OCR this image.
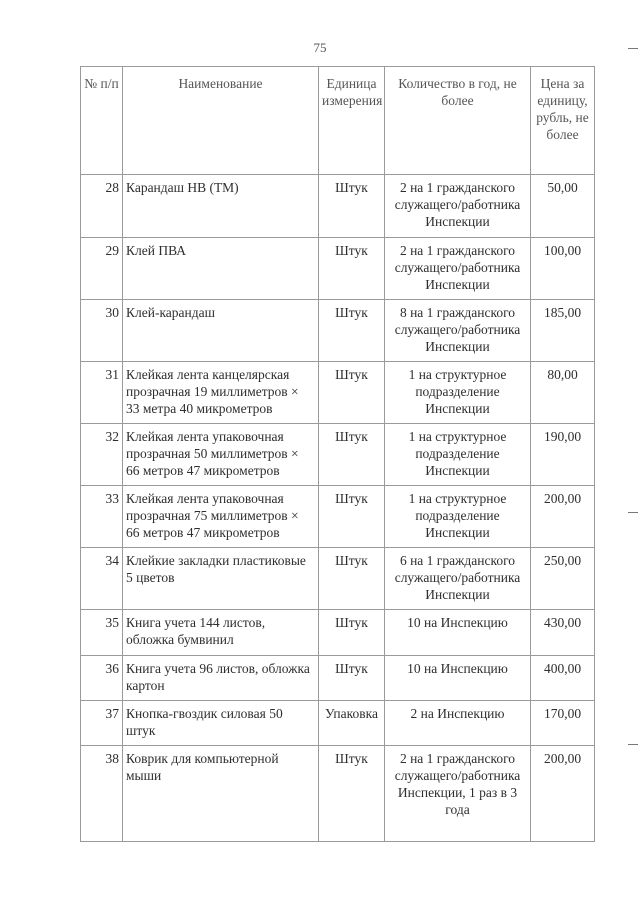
75
№ п/п	Наименование	Единица измерения	Количество в год, не более	Цена за единицу, рубль, не более
28	Карандаш НВ (ТМ)	Штук	2 на 1 гражданского служащего/работника Инспекции	50,00
29	Клей ПВА	Штук	2 на 1 гражданского служащего/работника Инспекции	100,00
30	Клей-карандаш	Штук	8 на 1 гражданского служащего/работника Инспекции	185,00
31	Клейкая лента канцелярская прозрачная 19 миллиметров × 33 метра 40 микрометров	Штук	1 на структурное подразделение Инспекции	80,00
32	Клейкая лента упаковочная прозрачная 50 миллиметров × 66 метров 47 микрометров	Штук	1 на структурное подразделение Инспекции	190,00
33	Клейкая лента упаковочная прозрачная 75 миллиметров × 66 метров 47 микрометров	Штук	1 на структурное подразделение Инспекции	200,00
34	Клейкие закладки пластиковые 5 цветов	Штук	6 на 1 гражданского служащего/работника Инспекции	250,00
35	Книга учета 144 листов, обложка бумвинил	Штук	10 на Инспекцию	430,00
36	Книга учета 96 листов, обложка картон	Штук	10 на Инспекцию	400,00
37	Кнопка-гвоздик силовая 50 штук	Упаковка	2 на Инспекцию	170,00
38	Коврик для компьютерной мыши	Штук	2 на 1 гражданского служащего/работника Инспекции, 1 раз в 3 года	200,00
